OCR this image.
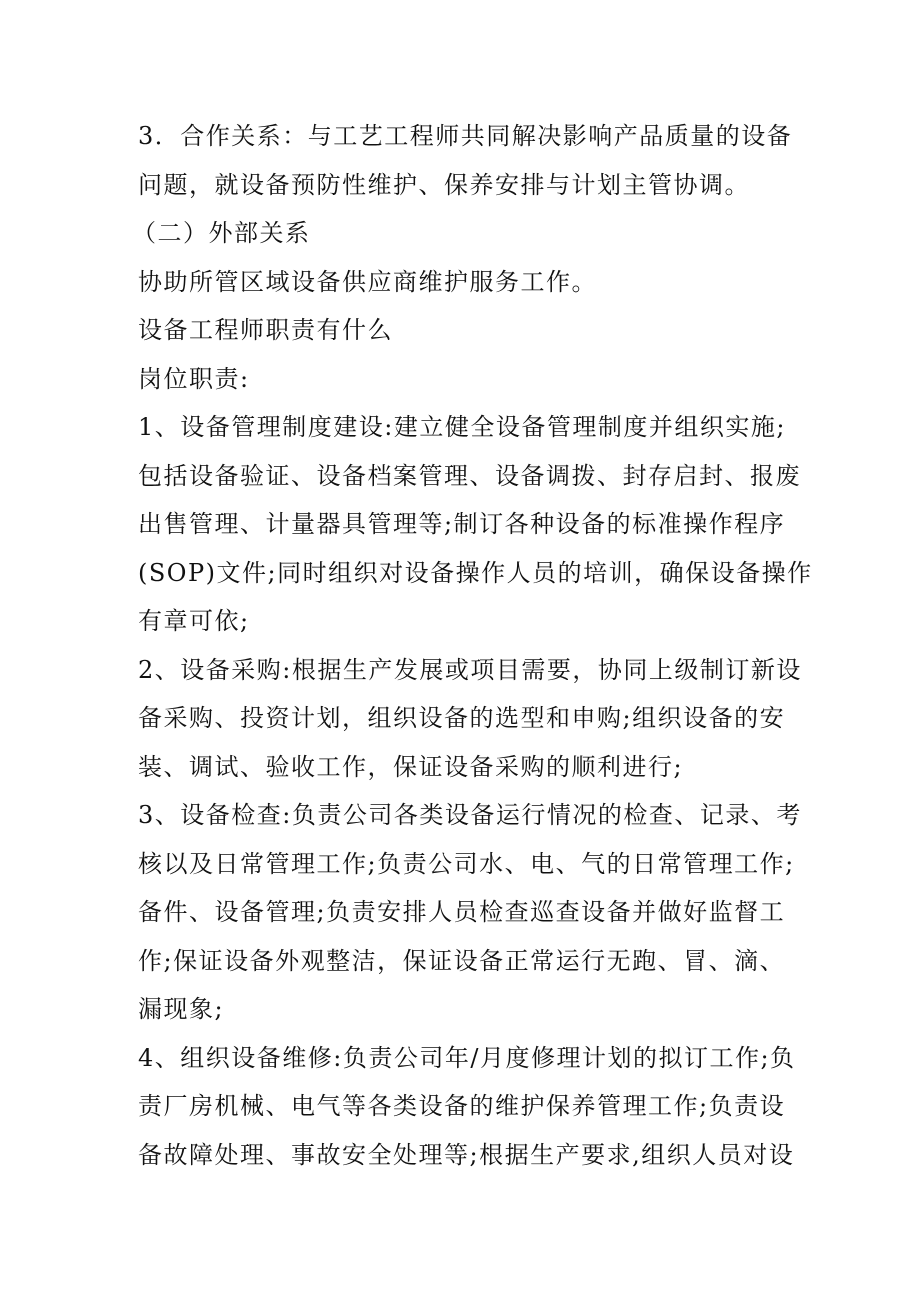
3．合作关系：与工艺工程师共同解决影响产品质量的设备
问题，就设备预防性维护、保养安排与计划主管协调。
（二）外部关系
协助所管区域设备供应商维护服务工作。
设备工程师职责有什么
岗位职责:
1、设备管理制度建设:建立健全设备管理制度并组织实施;
包括设备验证、设备档案管理、设备调拨、封存启封、报废
出售管理、计量器具管理等;制订各种设备的标准操作程序
(SOP)文件;同时组织对设备操作人员的培训，确保设备操作
有章可依;
2、设备采购:根据生产发展或项目需要，协同上级制订新设
备采购、投资计划，组织设备的选型和申购;组织设备的安
装、调试、验收工作，保证设备采购的顺利进行;
3、设备检查:负责公司各类设备运行情况的检查、记录、考
核以及日常管理工作;负责公司水、电、气的日常管理工作;
备件、设备管理;负责安排人员检查巡查设备并做好监督工
作;保证设备外观整洁，保证设备正常运行无跑、冒、滴、
漏现象;
4、组织设备维修:负责公司年/月度修理计划的拟订工作;负
责厂房机械、电气等各类设备的维护保养管理工作;负责设
备故障处理、事故安全处理等;根据生产要求,组织人员对设
